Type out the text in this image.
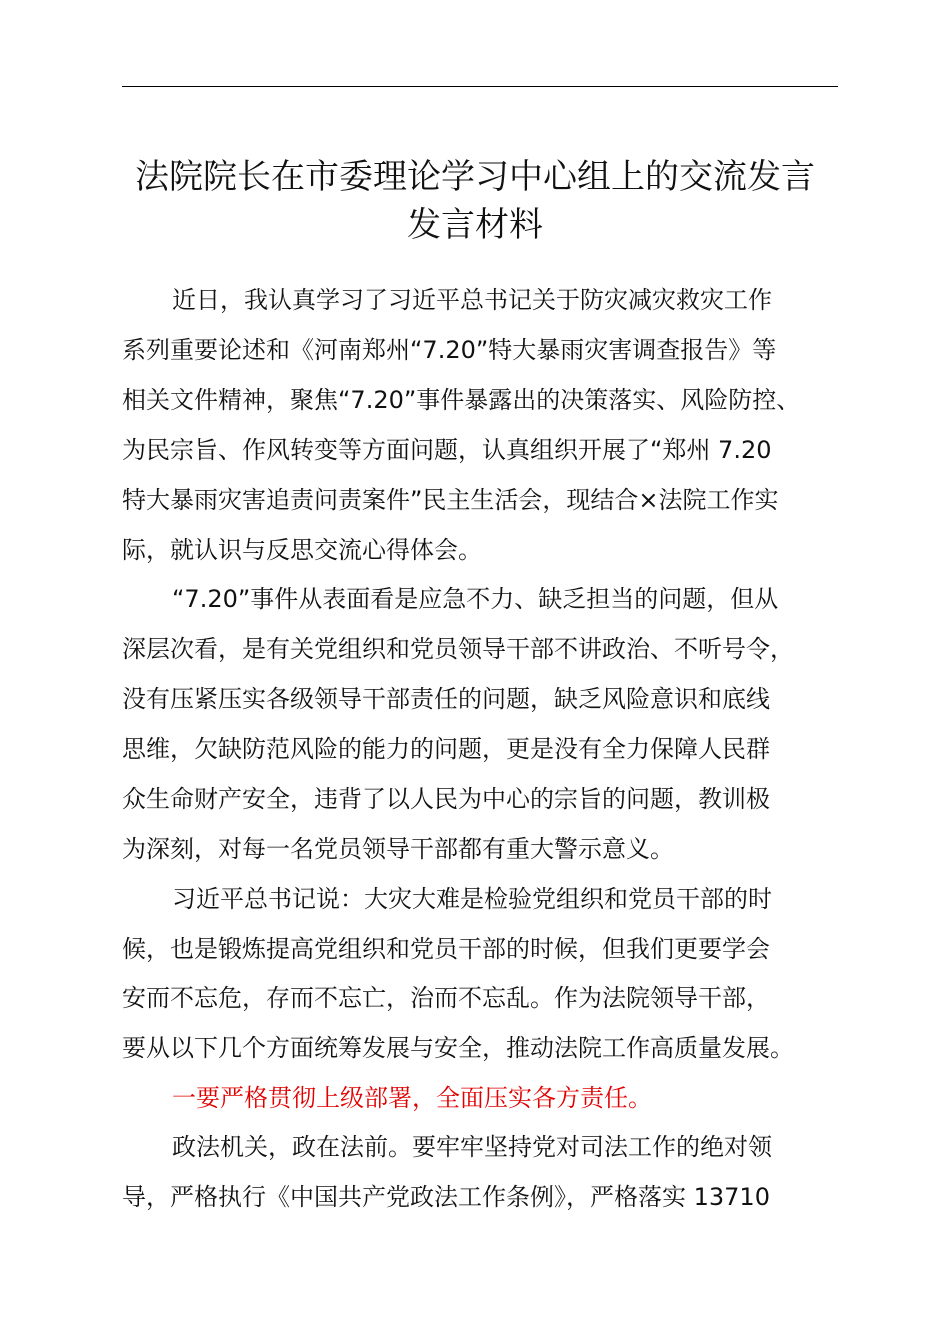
法院院长在市委理论学习中心组上的交流发言
发言材料
近日，我认真学习了习近平总书记关于防灾减灾救灾工作
系列重要论述和《河南郑州“7.20”特大暴雨灾害调查报告》等
相关文件精神，聚焦“7.20”事件暴露出的决策落实、风险防控、
为民宗旨、作风转变等方面问题，认真组织开展了“郑州 7.20
特大暴雨灾害追责问责案件”民主生活会，现结合×法院工作实
际，就认识与反思交流心得体会。
“7.20”事件从表面看是应急不力、缺乏担当的问题，但从
深层次看，是有关党组织和党员领导干部不讲政治、不听号令，
没有压紧压实各级领导干部责任的问题，缺乏风险意识和底线
思维，欠缺防范风险的能力的问题，更是没有全力保障人民群
众生命财产安全，违背了以人民为中心的宗旨的问题，教训极
为深刻，对每一名党员领导干部都有重大警示意义。
习近平总书记说：大灾大难是检验党组织和党员干部的时
候，也是锻炼提高党组织和党员干部的时候，但我们更要学会
安而不忘危，存而不忘亡，治而不忘乱。作为法院领导干部，
要从以下几个方面统筹发展与安全，推动法院工作高质量发展。
一要严格贯彻上级部署，全面压实各方责任。
政法机关，政在法前。要牢牢坚持党对司法工作的绝对领
导，严格执行《中国共产党政法工作条例》，严格落实 13710
